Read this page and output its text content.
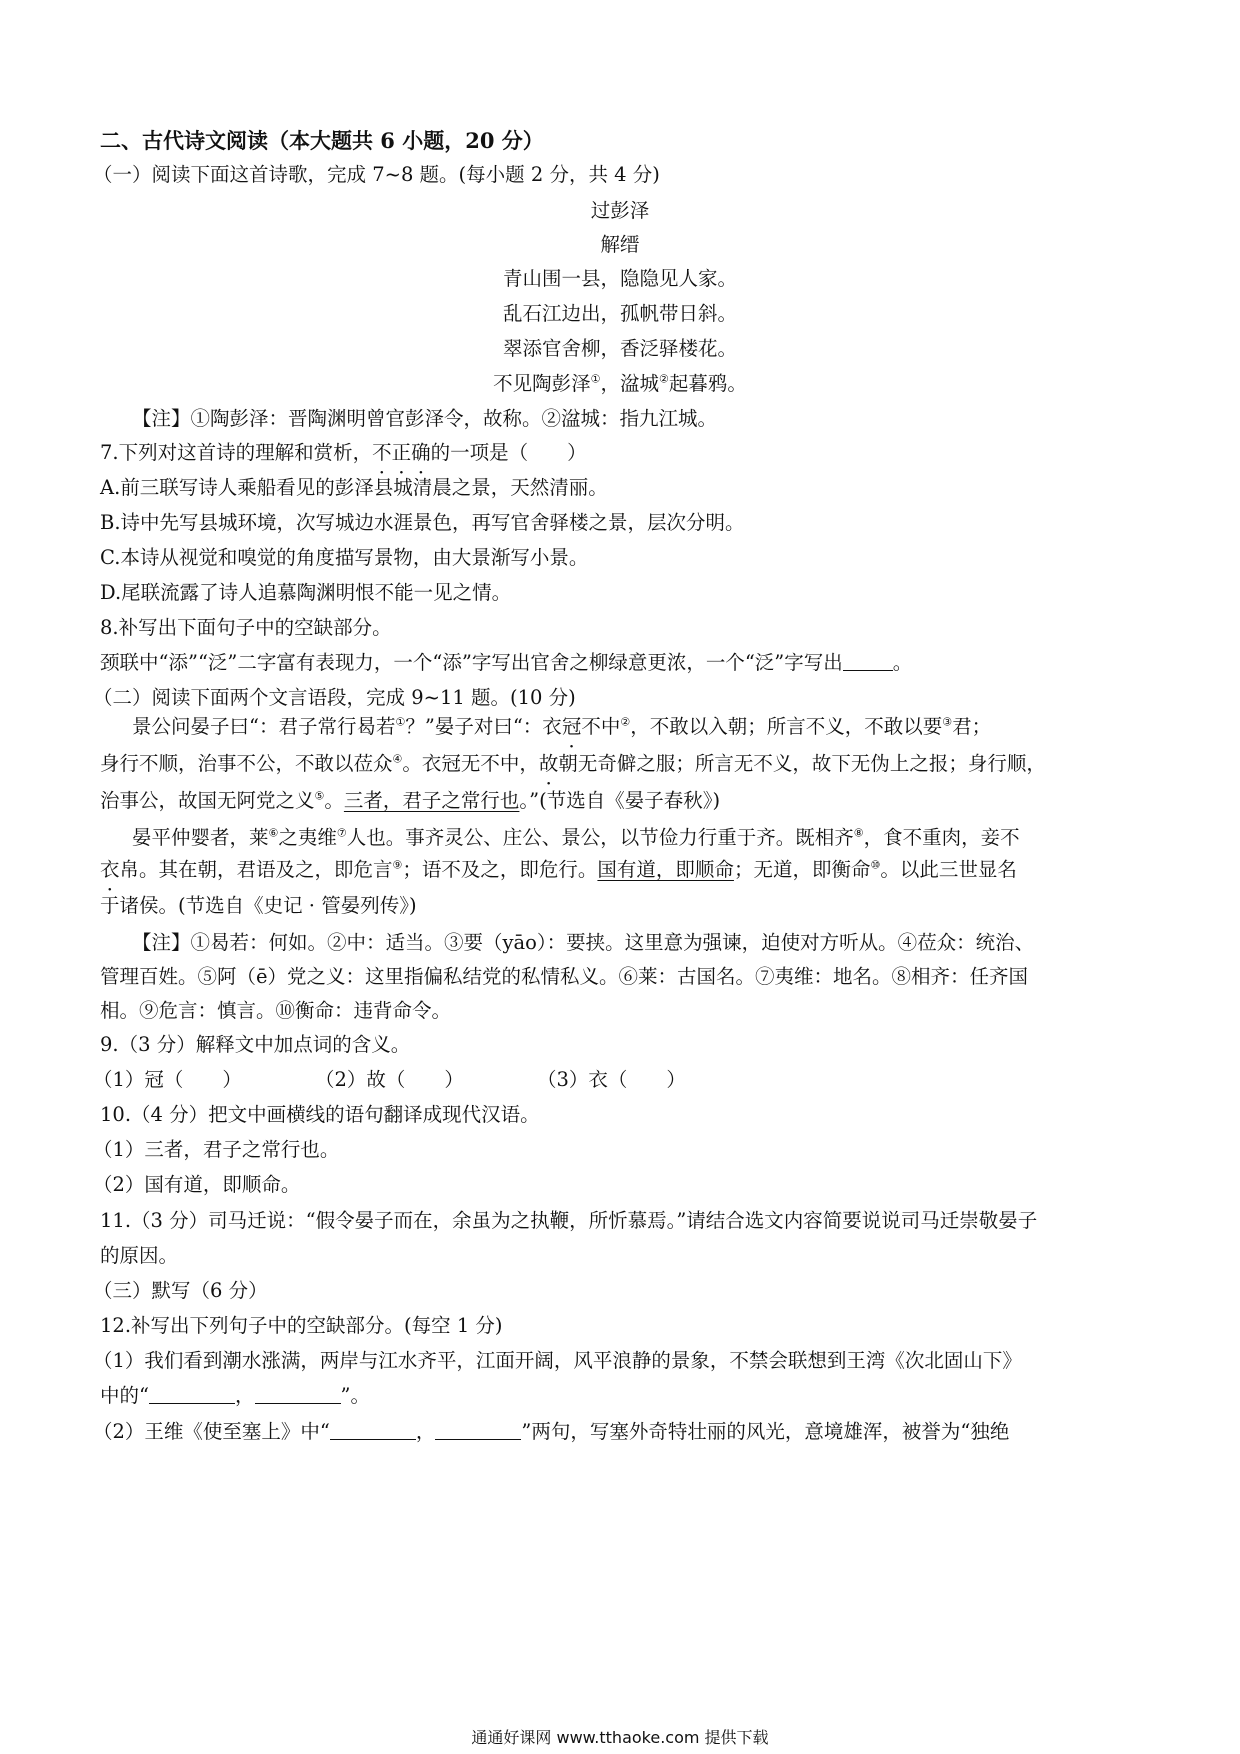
二、古代诗文阅读（本大题共 6 小题，20 分）
（一）阅读下面这首诗歌，完成 7~8 题。(每小题 2 分，共 4 分)
过彭泽
解缙
青山围一县，隐隐见人家。
乱石江边出，孤帆带日斜。
翠添官舍柳，香泛驿楼花。
不见陶彭泽①，湓城②起暮鸦。
【注】①陶彭泽：晋陶渊明曾官彭泽令，故称。②湓城：指九江城。
7.下列对这首诗的理解和赏析，不正确的一项是（　　）
A.前三联写诗人乘船看见的彭泽县城清晨之景，天然清丽。
B.诗中先写县城环境，次写城边水涯景色，再写官舍驿楼之景，层次分明。
C.本诗从视觉和嗅觉的角度描写景物，由大景渐写小景。
D.尾联流露了诗人追慕陶渊明恨不能一见之情。
8.补写出下面句子中的空缺部分。
颈联中“添”“泛”二字富有表现力，一个“添”字写出官舍之柳绿意更浓，一个“泛”字写出	。
（二）阅读下面两个文言语段，完成 9~11 题。(10 分)
景公问晏子曰“：君子常行曷若①？”晏子对曰“：衣冠不中②，不敢以入朝；所言不义，不敢以要③君；
身行不顺，治事不公，不敢以莅众④。衣冠无不中，故朝无奇僻之服；所言无不义，故下无伪上之报；身行顺，
治事公，故国无阿党之义⑤。三者，君子之常行也。”(节选自《晏子春秋》)
晏平仲婴者，莱⑥之夷维⑦人也。事齐灵公、庄公、景公，以节俭力行重于齐。既相齐⑧，食不重肉，妾不
衣帛。其在朝，君语及之，即危言⑨；语不及之，即危行。国有道，即顺命；无道，即衡命⑩。以此三世显名
于诸侯。(节选自《史记 · 管晏列传》)
【注】①曷若：何如。②中：适当。③要（yāo）：要挟。这里意为强谏，迫使对方听从。④莅众：统治、
管理百姓。⑤阿（ē）党之义：这里指偏私结党的私情私义。⑥莱：古国名。⑦夷维：地名。⑧相齐：任齐国
相。⑨危言：慎言。⑩衡命：违背命令。
9.（3 分）解释文中加点词的含义。
（1）冠（　　）	（2）故（　　）	（3）衣（　　）
10.（4 分）把文中画横线的语句翻译成现代汉语。
（1）三者，君子之常行也。
（2）国有道，即顺命。
11.（3 分）司马迁说：“假令晏子而在，余虽为之执鞭，所忻慕焉。”请结合选文内容简要说说司马迁崇敬晏子
的原因。
（三）默写（6 分）
12.补写出下列句子中的空缺部分。(每空 1 分)
（1）我们看到潮水涨满，两岸与江水齐平，江面开阔，风平浪静的景象，不禁会联想到王湾《次北固山下》
中的“	，	”。
（2）王维《使至塞上》中“	，	”两句，写塞外奇特壮丽的风光，意境雄浑，被誉为“独绝
通通好课网 www.tthaoke.com 提供下载
